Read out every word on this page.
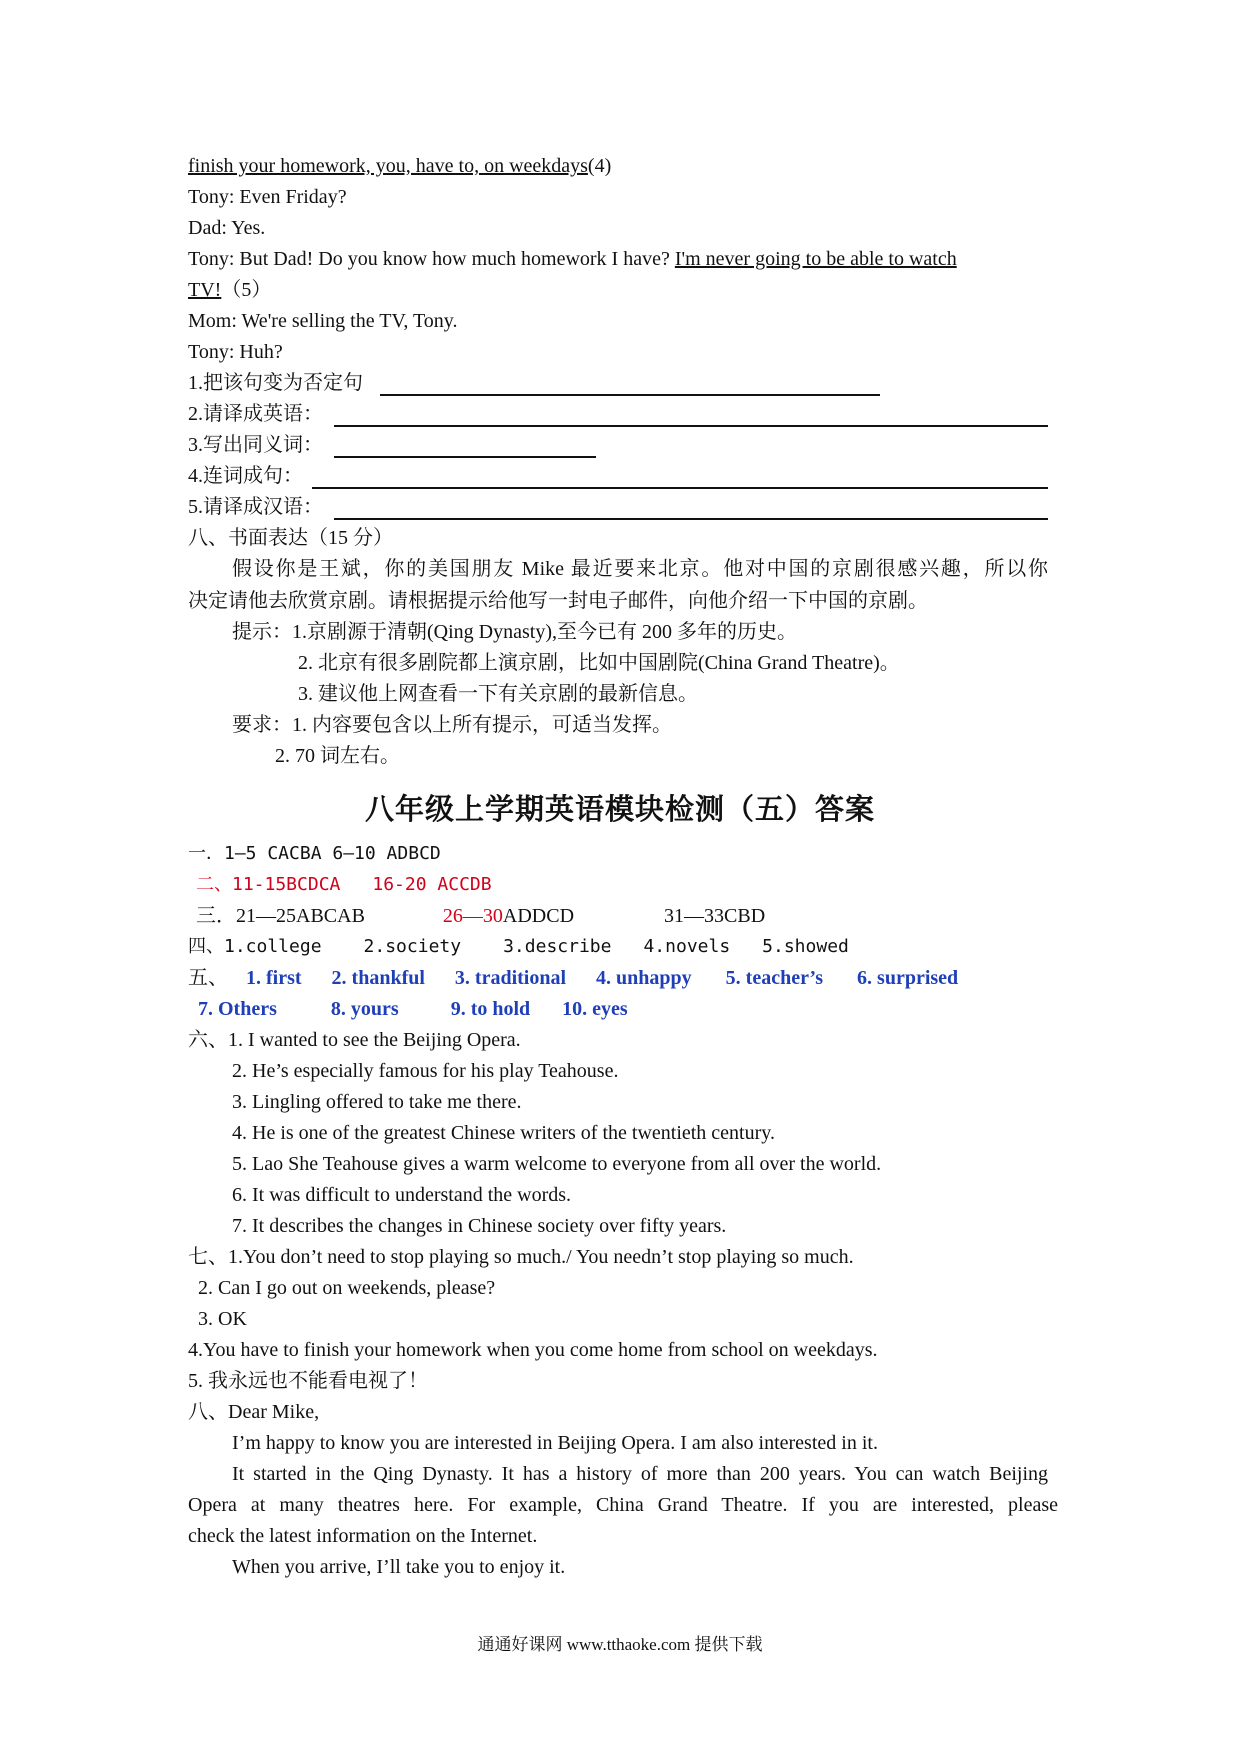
finish your homework, you, have to, on weekdays(4)
Tony: Even Friday?
Dad: Yes.
Tony: But Dad! Do you know how much homework I have? I'm never going to be able to watch
TV!（5）
Mom: We're selling the TV, Tony.
Tony: Huh?
1.把该句变为否定句
2.请译成英语：
3.写出同义词：
4.连词成句：
5.请译成汉语：
八、书面表达（15 分）
假设你是王斌，你的美国朋友 Mike 最近要来北京。他对中国的京剧很感兴趣，所以你
决定请他去欣赏京剧。请根据提示给他写一封电子邮件，向他介绍一下中国的京剧。
提示：1.京剧源于清朝(Qing Dynasty),至今已有 200 多年的历史。
2. 北京有很多剧院都上演京剧，比如中国剧院(China Grand Theatre)。
3. 建议他上网查看一下有关京剧的最新信息。
要求：1. 内容要包含以上所有提示，可适当发挥。
2. 70 词左右。
八年级上学期英语模块检测（五）答案
一．1—5 CACBA 6—10 ADBCD
二、11-15BCDCA 16-20 ACCDB
三．21—25ABCAB	26—30ADDCD	31—33CBD
四、1.college 2.society 3.describe 4.novels 5.showed
五、 1. first 2. thankful 3. traditional 4. unhappy 5. teacher’s 6. surprised
7. Others	8. yours	9. to hold 10. eyes
六、1. I wanted to see the Beijing Opera.
2. He’s especially famous for his play Teahouse.
3. Lingling offered to take me there.
4. He is one of the greatest Chinese writers of the twentieth century.
5. Lao She Teahouse gives a warm welcome to everyone from all over the world.
6. It was difficult to understand the words.
7. It describes the changes in Chinese society over fifty years.
七、1.You don’t need to stop playing so much./ You needn’t stop playing so much.
2. Can I go out on weekends, please?
3. OK
4.You have to finish your homework when you come home from school on weekdays.
5. 我永远也不能看电视了！
八、Dear Mike,
I’m happy to know you are interested in Beijing Opera. I am also interested in it.
It started in the Qing Dynasty. It has a history of more than 200 years. You can watch Beijing
Opera at many theatres here. For example, China Grand Theatre. If you are interested, please
check the latest information on the Internet.
When you arrive, I’ll take you to enjoy it.
通通好课网 www.tthaoke.com 提供下载
